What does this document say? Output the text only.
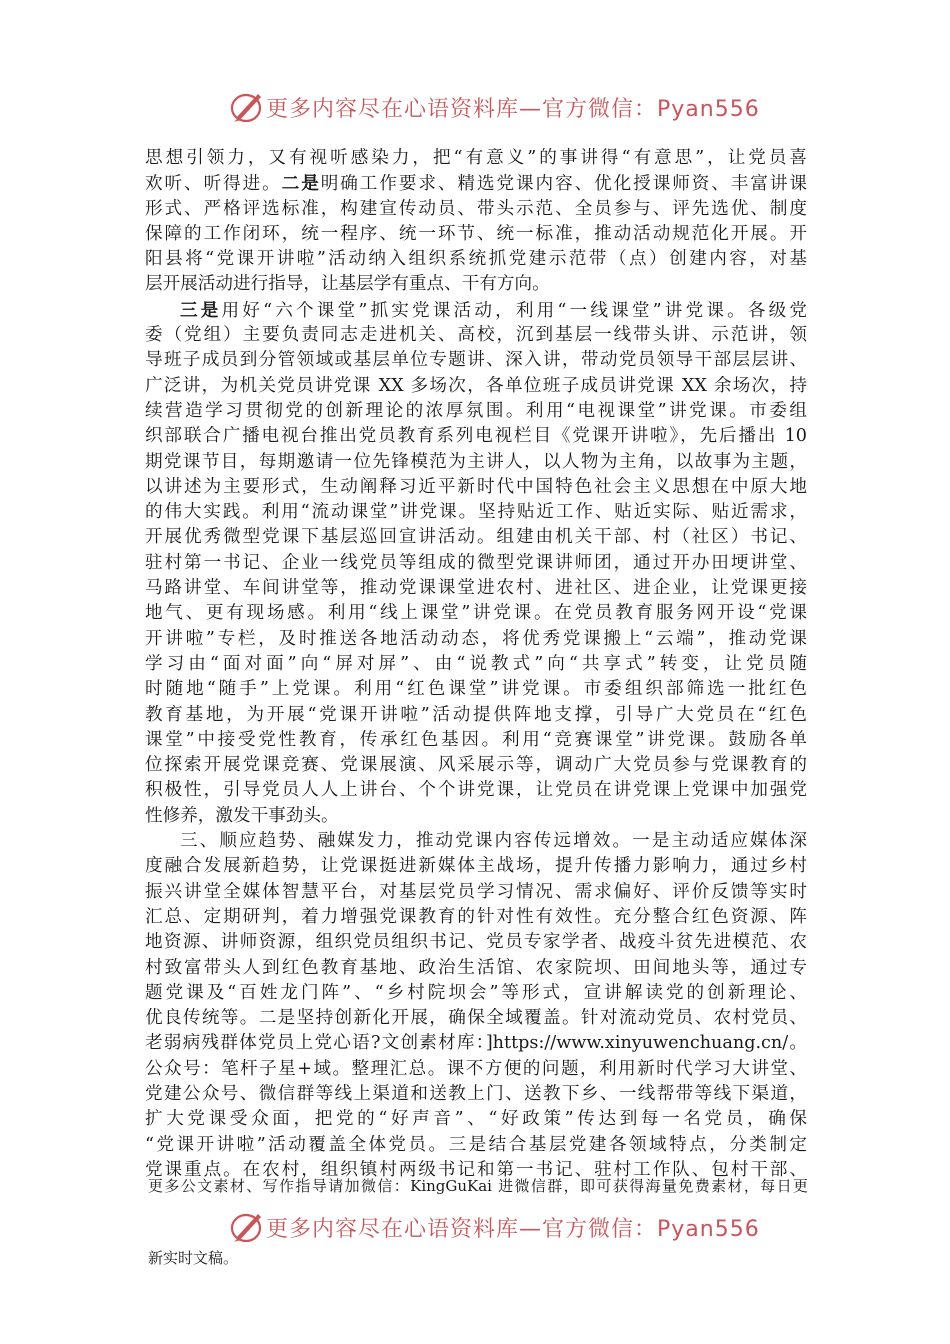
更多内容尽在心语资料库—官方微信：Pyan556
思想引领力，又有视听感染力，把“有意义”的事讲得“有意思”，让党员喜
欢听、听得进。二是明确工作要求、精选党课内容、优化授课师资、丰富讲课
形式、严格评选标准，构建宣传动员、带头示范、全员参与、评先选优、制度
保障的工作闭环，统一程序、统一环节、统一标准，推动活动规范化开展。开
阳县将“党课开讲啦”活动纳入组织系统抓党建示范带（点）创建内容，对基
层开展活动进行指导，让基层学有重点、干有方向。
三是用好“六个课堂”抓实党课活动，利用“一线课堂”讲党课。各级党
委（党组）主要负责同志走进机关、高校，沉到基层一线带头讲、示范讲，领
导班子成员到分管领域或基层单位专题讲、深入讲，带动党员领导干部层层讲、
广泛讲，为机关党员讲党课 XX 多场次，各单位班子成员讲党课 XX 余场次，持
续营造学习贯彻党的创新理论的浓厚氛围。利用“电视课堂”讲党课。市委组
织部联合广播电视台推出党员教育系列电视栏目《党课开讲啦》，先后播出 10
期党课节目，每期邀请一位先锋模范为主讲人，以人物为主角，以故事为主题，
以讲述为主要形式，生动阐释习近平新时代中国特色社会主义思想在中原大地
的伟大实践。利用“流动课堂”讲党课。坚持贴近工作、贴近实际、贴近需求，
开展优秀微型党课下基层巡回宣讲活动。组建由机关干部、村（社区）书记、
驻村第一书记、企业一线党员等组成的微型党课讲师团，通过开办田埂讲堂、
马路讲堂、车间讲堂等，推动党课课堂进农村、进社区、进企业，让党课更接
地气、更有现场感。利用“线上课堂”讲党课。在党员教育服务网开设“党课
开讲啦”专栏，及时推送各地活动动态，将优秀党课搬上“云端”，推动党课
学习由“面对面”向“屏对屏”、由“说教式”向“共享式”转变，让党员随
时随地“随手”上党课。利用“红色课堂”讲党课。市委组织部筛选一批红色
教育基地，为开展“党课开讲啦”活动提供阵地支撑，引导广大党员在“红色
课堂”中接受党性教育，传承红色基因。利用“竞赛课堂”讲党课。鼓励各单
位探索开展党课竞赛、党课展演、风采展示等，调动广大党员参与党课教育的
积极性，引导党员人人上讲台、个个讲党课，让党员在讲党课上党课中加强党
性修养，激发干事劲头。
三、顺应趋势、融媒发力，推动党课内容传远增效。一是主动适应媒体深
度融合发展新趋势，让党课挺进新媒体主战场，提升传播力影响力，通过乡村
振兴讲堂全媒体智慧平台，对基层党员学习情况、需求偏好、评价反馈等实时
汇总、定期研判，着力增强党课教育的针对性有效性。充分整合红色资源、阵
地资源、讲师资源，组织党员组织书记、党员专家学者、战疫斗贫先进模范、农
村致富带头人到红色教育基地、政治生活馆、农家院坝、田间地头等，通过专
题党课及“百姓龙门阵”、“乡村院坝会”等形式，宣讲解读党的创新理论、
优良传统等。二是坚持创新化开展，确保全域覆盖。针对流动党员、农村党员、
老弱病残群体党员上党心语?文创素材库：]https://www.xinyuwenchuang.cn/。
公众号：笔杆子星+域。整理汇总。课不方便的问题，利用新时代学习大讲堂、
党建公众号、微信群等线上渠道和送教上门、送教下乡、一线帮带等线下渠道，
扩大党课受众面，把党的“好声音”、“好政策”传达到每一名党员，确保
“党课开讲啦”活动覆盖全体党员。三是结合基层党建各领域特点，分类制定
党课重点。在农村，组织镇村两级书记和第一书记、驻村工作队、包村干部、
更多公文素材、写作指导请加微信：KingGuKai 进微信群，即可获得海量免费素材，每日更
更多内容尽在心语资料库—官方微信：Pyan556
新实时文稿。
